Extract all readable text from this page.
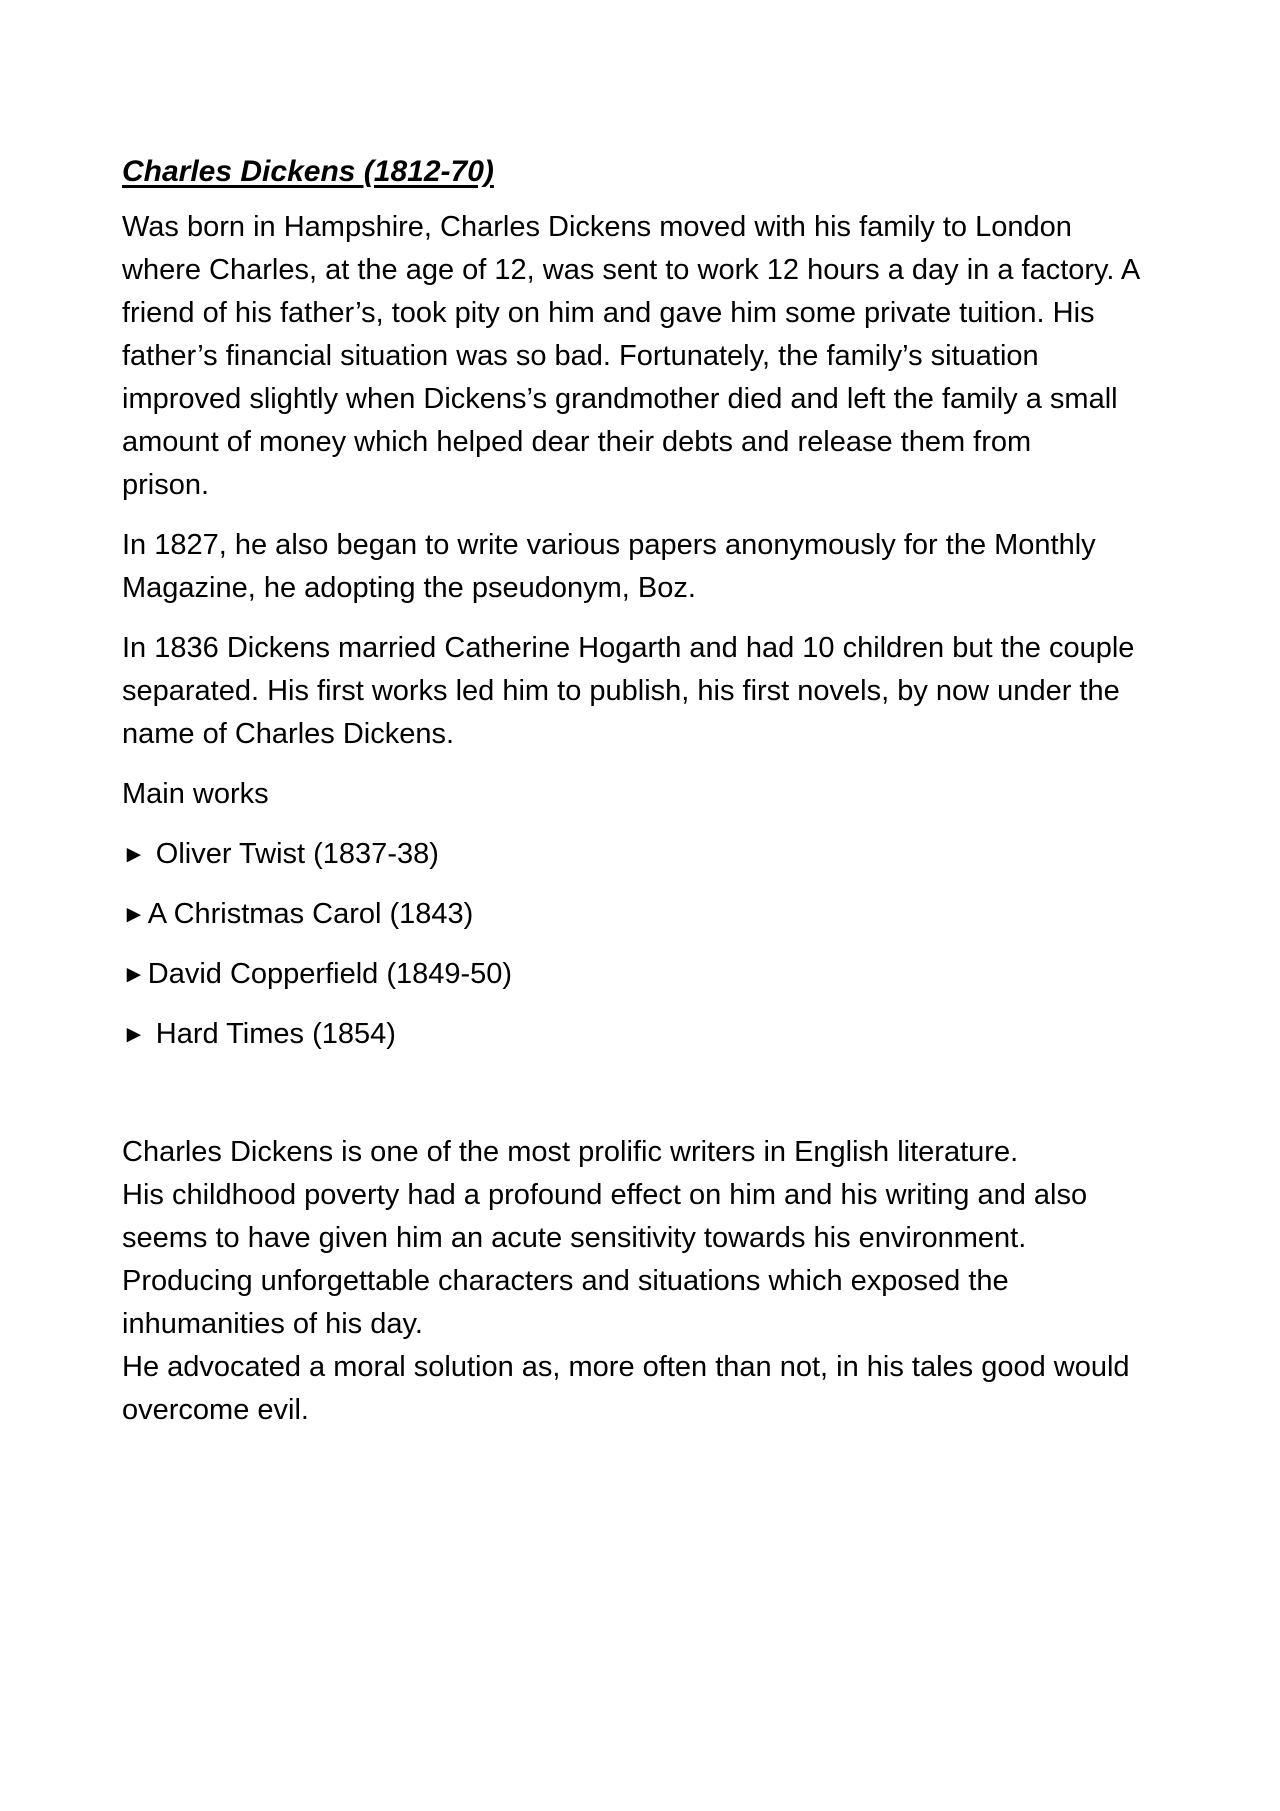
Charles Dickens (1812-70)

Was born in Hampshire, Charles Dickens moved with his family to London
where Charles, at the age of 12, was sent to work 12 hours a day in a factory. A
friend of his father’s, took pity on him and gave him some private tuition. His
father’s financial situation was so bad. Fortunately, the family’s situation
improved slightly when Dickens’s grandmother died and left the family a small
amount of money which helped dear their debts and release them from
prison.

In 1827, he also began to write various papers anonymously for the Monthly
Magazine, he adopting the pseudonym, Boz.

In 1836 Dickens married Catherine Hogarth and had 10 children but the couple
separated. His first works led him to publish, his first novels, by now under the
name of Charles Dickens.

Main works

► Oliver Twist (1837-38)
►A Christmas Carol (1843)
►David Copperfield (1849-50)
► Hard Times (1854)

Charles Dickens is one of the most prolific writers in English literature.
His childhood poverty had a profound effect on him and his writing and also
seems to have given him an acute sensitivity towards his environment.
Producing unforgettable characters and situations which exposed the
inhumanities of his day.
He advocated a moral solution as, more often than not, in his tales good would
overcome evil.
